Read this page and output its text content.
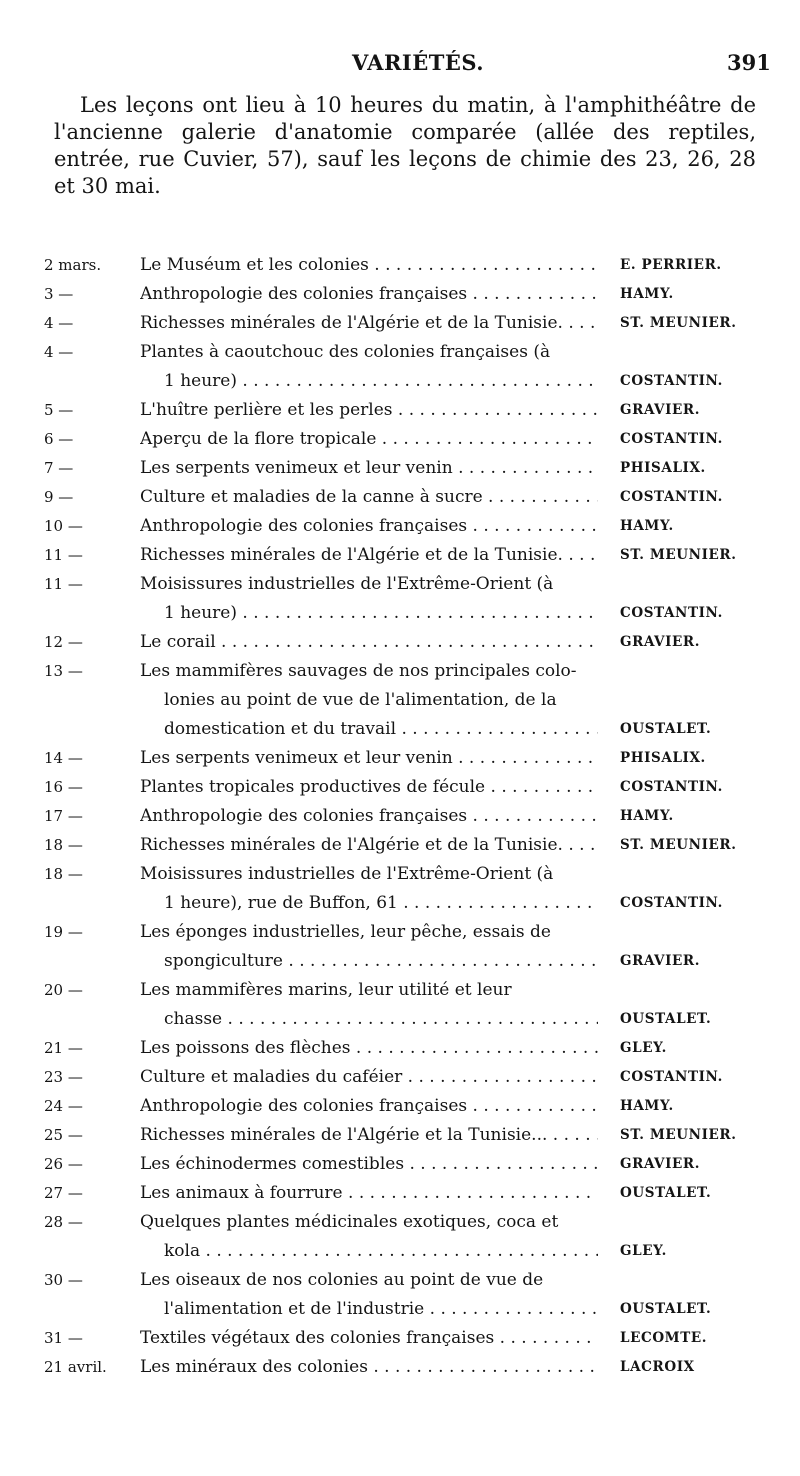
VARIÉTÉS.	391

Les leçons ont lieu à 10 heures du matin, à l'amphithéâtre de l'ancienne galerie d'anatomie comparée (allée des reptiles, entrée, rue Cuvier, 57), sauf les leçons de chimie des 23, 26, 28 et 30 mai.

2 mars.	Le Muséum et les colonies . . .	E. PERRIER.
3 —	Anthropologie des colonies françaises . . .	HAMY.
4 —	Richesses minérales de l'Algérie et de la Tunisie. . . .	ST. MEUNIER.
4 —	Plantes à caoutchouc des colonies françaises (à
1 heure) . . .	COSTANTIN.
5 —	L'huître perlière et les perles . . .	GRAVIER.
6 —	Aperçu de la flore tropicale . . .	COSTANTIN.
7 —	Les serpents venimeux et leur venin . . .	PHISALIX.
9 —	Culture et maladies de la canne à sucre . . .	COSTANTIN.
10 —	Anthropologie des colonies françaises . . .	HAMY.
11 —	Richesses minérales de l'Algérie et de la Tunisie. . . .	ST. MEUNIER.
11 —	Moisissures industrielles de l'Extrême-Orient (à
1 heure) . . .	COSTANTIN.
12 —	Le corail . . .	GRAVIER.
13 —	Les mammifères sauvages de nos principales colo-
lonies au point de vue de l'alimentation, de la
domestication et du travail . . .	OUSTALET.
14 —	Les serpents venimeux et leur venin . . .	PHISALIX.
16 —	Plantes tropicales productives de fécule . . .	COSTANTIN.
17 —	Anthropologie des colonies françaises . . .	HAMY.
18 —	Richesses minérales de l'Algérie et de la Tunisie. . . .	ST. MEUNIER.
18 —	Moisissures industrielles de l'Extrême-Orient (à
1 heure), rue de Buffon, 61 . . .	COSTANTIN.
19 —	Les éponges industrielles, leur pêche, essais de
spongiculture . . .	GRAVIER.
20 —	Les mammifères marins, leur utilité et leur
chasse . . .	OUSTALET.
21 —	Les poissons des flèches . . .	GLEY.
23 —	Culture et maladies du caféier . . .	COSTANTIN.
24 —	Anthropologie des colonies françaises . . .	HAMY.
25 —	Richesses minérales de l'Algérie et la Tunisie... . . .	ST. MEUNIER.
26 —	Les échinodermes comestibles . . .	GRAVIER.
27 —	Les animaux à fourrure . . .	OUSTALET.
28 —	Quelques plantes médicinales exotiques, coca et
kola . . .	GLEY.
30 —	Les oiseaux de nos colonies au point de vue de
l'alimentation et de l'industrie . . .	OUSTALET.
31 —	Textiles végétaux des colonies françaises . . .	LECOMTE.
21 avril.	Les minéraux des colonies . . .	LACROIX
